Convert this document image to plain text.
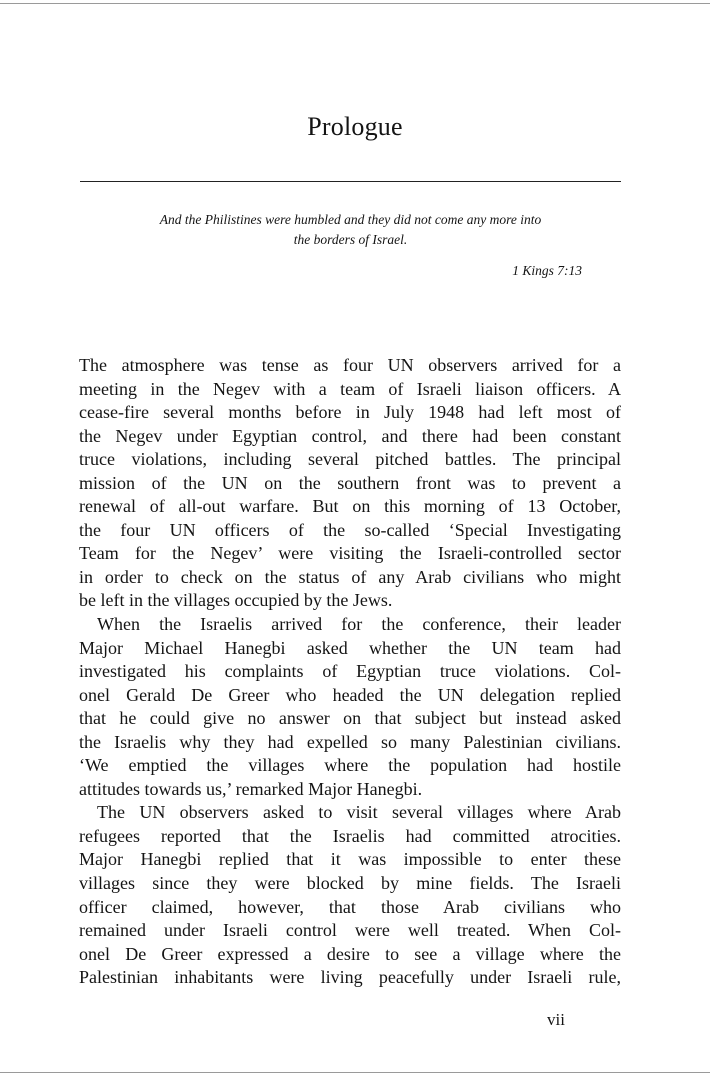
Prologue
And the Philistines were humbled and they did not come any more into
the borders of Israel.
1 Kings 7:13
The atmosphere was tense as four UN observers arrived for a
meeting in the Negev with a team of Israeli liaison officers. A
cease-fire several months before in July 1948 had left most of
the Negev under Egyptian control, and there had been constant
truce violations, including several pitched battles. The principal
mission of the UN on the southern front was to prevent a
renewal of all-out warfare. But on this morning of 13 October,
the four UN officers of the so-called ‘Special Investigating
Team for the Negev’ were visiting the Israeli-controlled sector
in order to check on the status of any Arab civilians who might
be left in the villages occupied by the Jews.
When the Israelis arrived for the conference, their leader
Major Michael Hanegbi asked whether the UN team had
investigated his complaints of Egyptian truce violations. Col-
onel Gerald De Greer who headed the UN delegation replied
that he could give no answer on that subject but instead asked
the Israelis why they had expelled so many Palestinian civilians.
‘We emptied the villages where the population had hostile
attitudes towards us,’ remarked Major Hanegbi.
The UN observers asked to visit several villages where Arab
refugees reported that the Israelis had committed atrocities.
Major Hanegbi replied that it was impossible to enter these
villages since they were blocked by mine fields. The Israeli
officer claimed, however, that those Arab civilians who
remained under Israeli control were well treated. When Col-
onel De Greer expressed a desire to see a village where the
Palestinian inhabitants were living peacefully under Israeli rule,
vii
